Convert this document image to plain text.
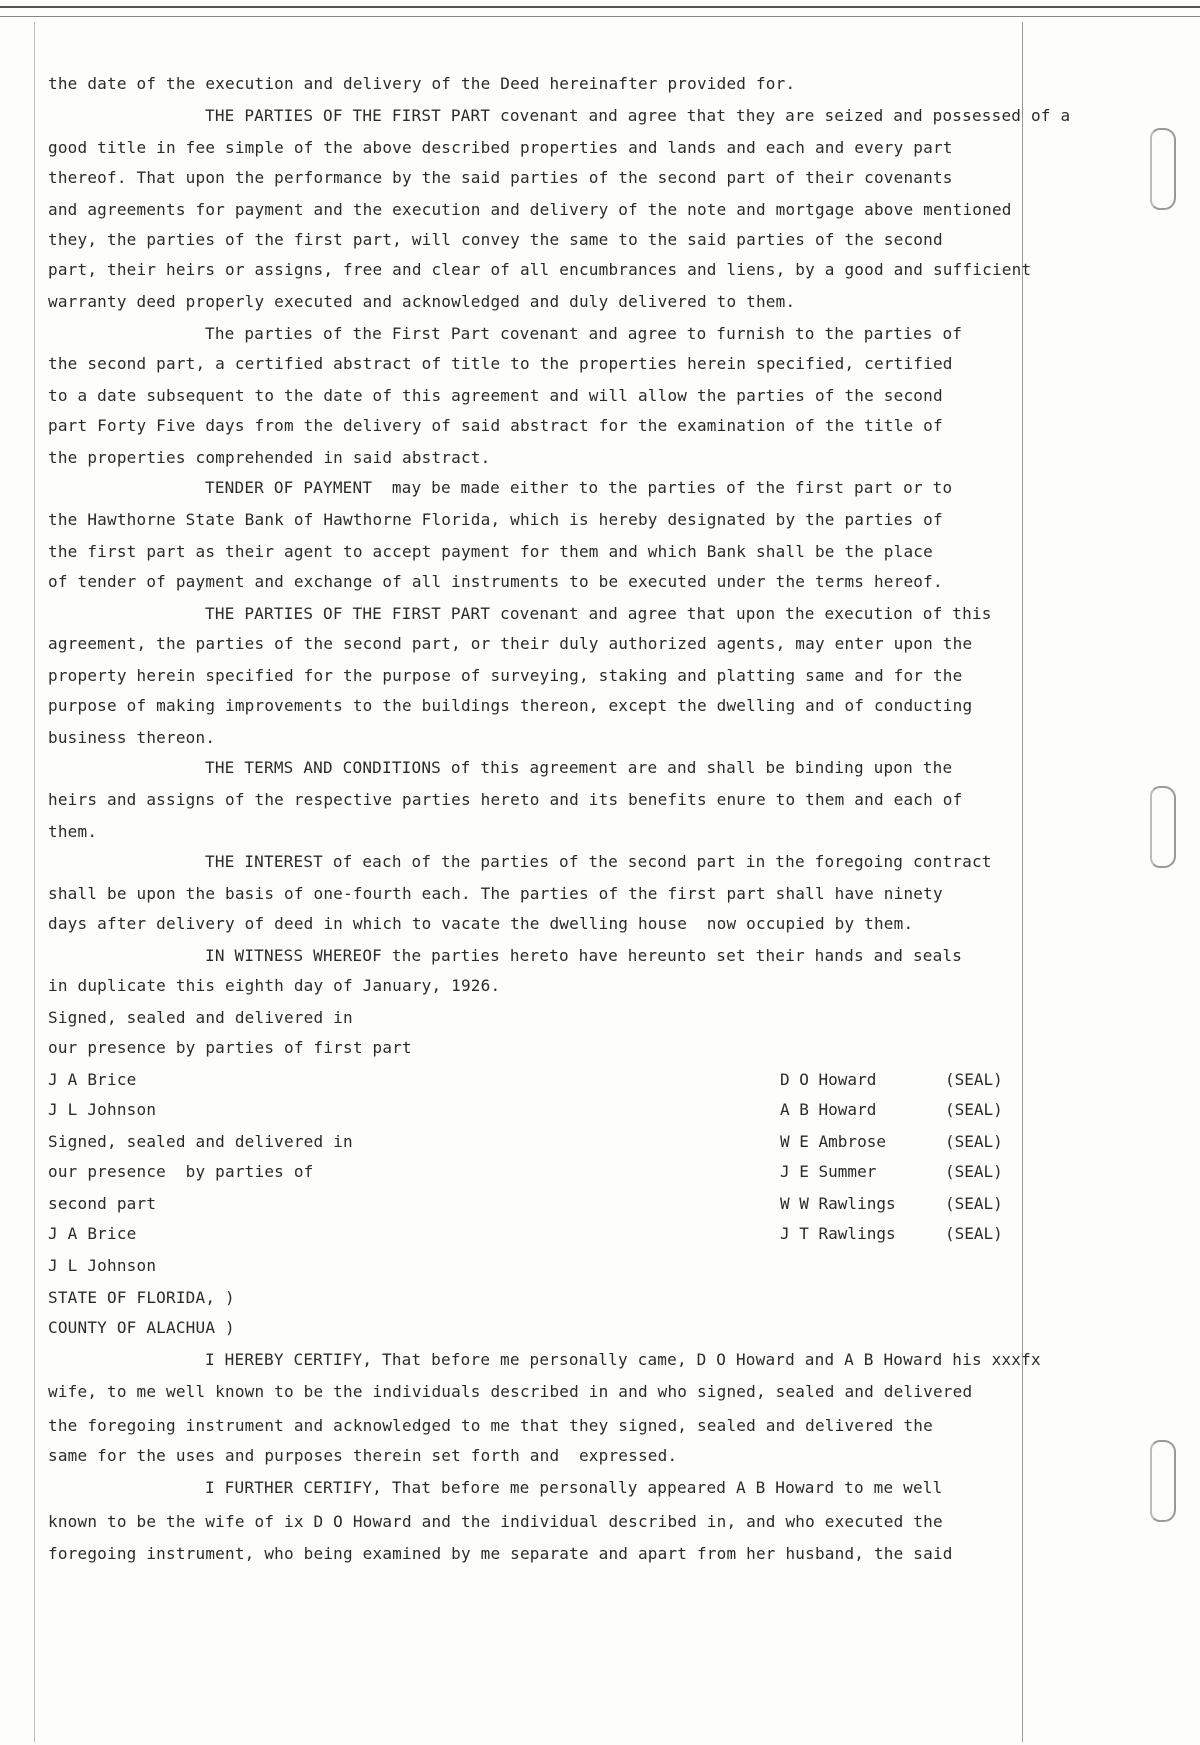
the date of the execution and delivery of the Deed hereinafter provided for.
THE PARTIES OF THE FIRST PART covenant and agree that they are seized and possessed of a
good title in fee simple of the above described properties and lands and each and every part
thereof. That upon the performance by the said parties of the second part of their covenants
and agreements for payment and the execution and delivery of the note and mortgage above mentioned
they, the parties of the first part, will convey the same to the said parties of the second
part, their heirs or assigns, free and clear of all encumbrances and liens, by a good and sufficient
warranty deed properly executed and acknowledged and duly delivered to them.
The parties of the First Part covenant and agree to furnish to the parties of
the second part, a certified abstract of title to the properties herein specified, certified
to a date subsequent to the date of this agreement and will allow the parties of the second
part Forty Five days from the delivery of said abstract for the examination of the title of
the properties comprehended in said abstract.
TENDER OF PAYMENT  may be made either to the parties of the first part or to
the Hawthorne State Bank of Hawthorne Florida, which is hereby designated by the parties of
the first part as their agent to accept payment for them and which Bank shall be the place
of tender of payment and exchange of all instruments to be executed under the terms hereof.
THE PARTIES OF THE FIRST PART covenant and agree that upon the execution of this
agreement, the parties of the second part, or their duly authorized agents, may enter upon the
property herein specified for the purpose of surveying, staking and platting same and for the
purpose of making improvements to the buildings thereon, except the dwelling and of conducting
business thereon.
THE TERMS AND CONDITIONS of this agreement are and shall be binding upon the
heirs and assigns of the respective parties hereto and its benefits enure to them and each of
them.
THE INTEREST of each of the parties of the second part in the foregoing contract
shall be upon the basis of one-fourth each. The parties of the first part shall have ninety
days after delivery of deed in which to vacate the dwelling house  now occupied by them.
IN WITNESS WHEREOF the parties hereto have hereunto set their hands and seals
in duplicate this eighth day of January, 1926.
Signed, sealed and delivered in
our presence by parties of first part
J A Brice
J L Johnson
Signed, sealed and delivered in
our presence  by parties of
second part
J A Brice
J L Johnson
STATE OF FLORIDA, )
COUNTY OF ALACHUA )
I HEREBY CERTIFY, That before me personally came, D O Howard and A B Howard his xxxfx
wife, to me well known to be the individuals described in and who signed, sealed and delivered
the foregoing instrument and acknowledged to me that they signed, sealed and delivered the
same for the uses and purposes therein set forth and  expressed.
I FURTHER CERTIFY, That before me personally appeared A B Howard to me well
known to be the wife of ix D O Howard and the individual described in, and who executed the
foregoing instrument, who being examined by me separate and apart from her husband, the said
D O Howard	(SEAL)
A B Howard	(SEAL)
W E Ambrose	(SEAL)
J E Summer	(SEAL)
W W Rawlings	(SEAL)
J T Rawlings	(SEAL)
